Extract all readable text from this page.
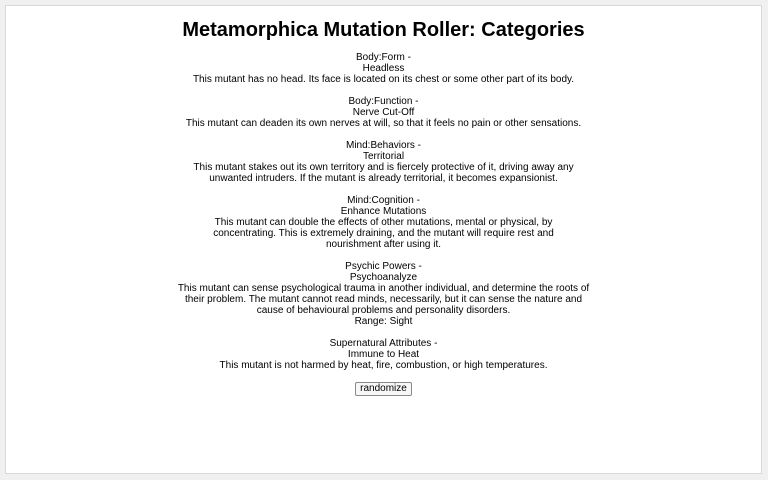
Metamorphica Mutation Roller: Categories
Body:Form -
Headless
This mutant has no head. Its face is located on its chest or some other part of its body.
Body:Function -
Nerve Cut-Off
This mutant can deaden its own nerves at will, so that it feels no pain or other sensations.
Mind:Behaviors -
Territorial
This mutant stakes out its own territory and is fiercely protective of it, driving away any unwanted intruders. If the mutant is already territorial, it becomes expansionist.
Mind:Cognition -
Enhance Mutations
This mutant can double the effects of other mutations, mental or physical, by concentrating. This is extremely draining, and the mutant will require rest and nourishment after using it.
Psychic Powers -
Psychoanalyze
This mutant can sense psychological trauma in another individual, and determine the roots of their problem. The mutant cannot read minds, necessarily, but it can sense the nature and cause of behavioural problems and personality disorders.
Range: Sight
Supernatural Attributes -
Immune to Heat
This mutant is not harmed by heat, fire, combustion, or high temperatures.
randomize
